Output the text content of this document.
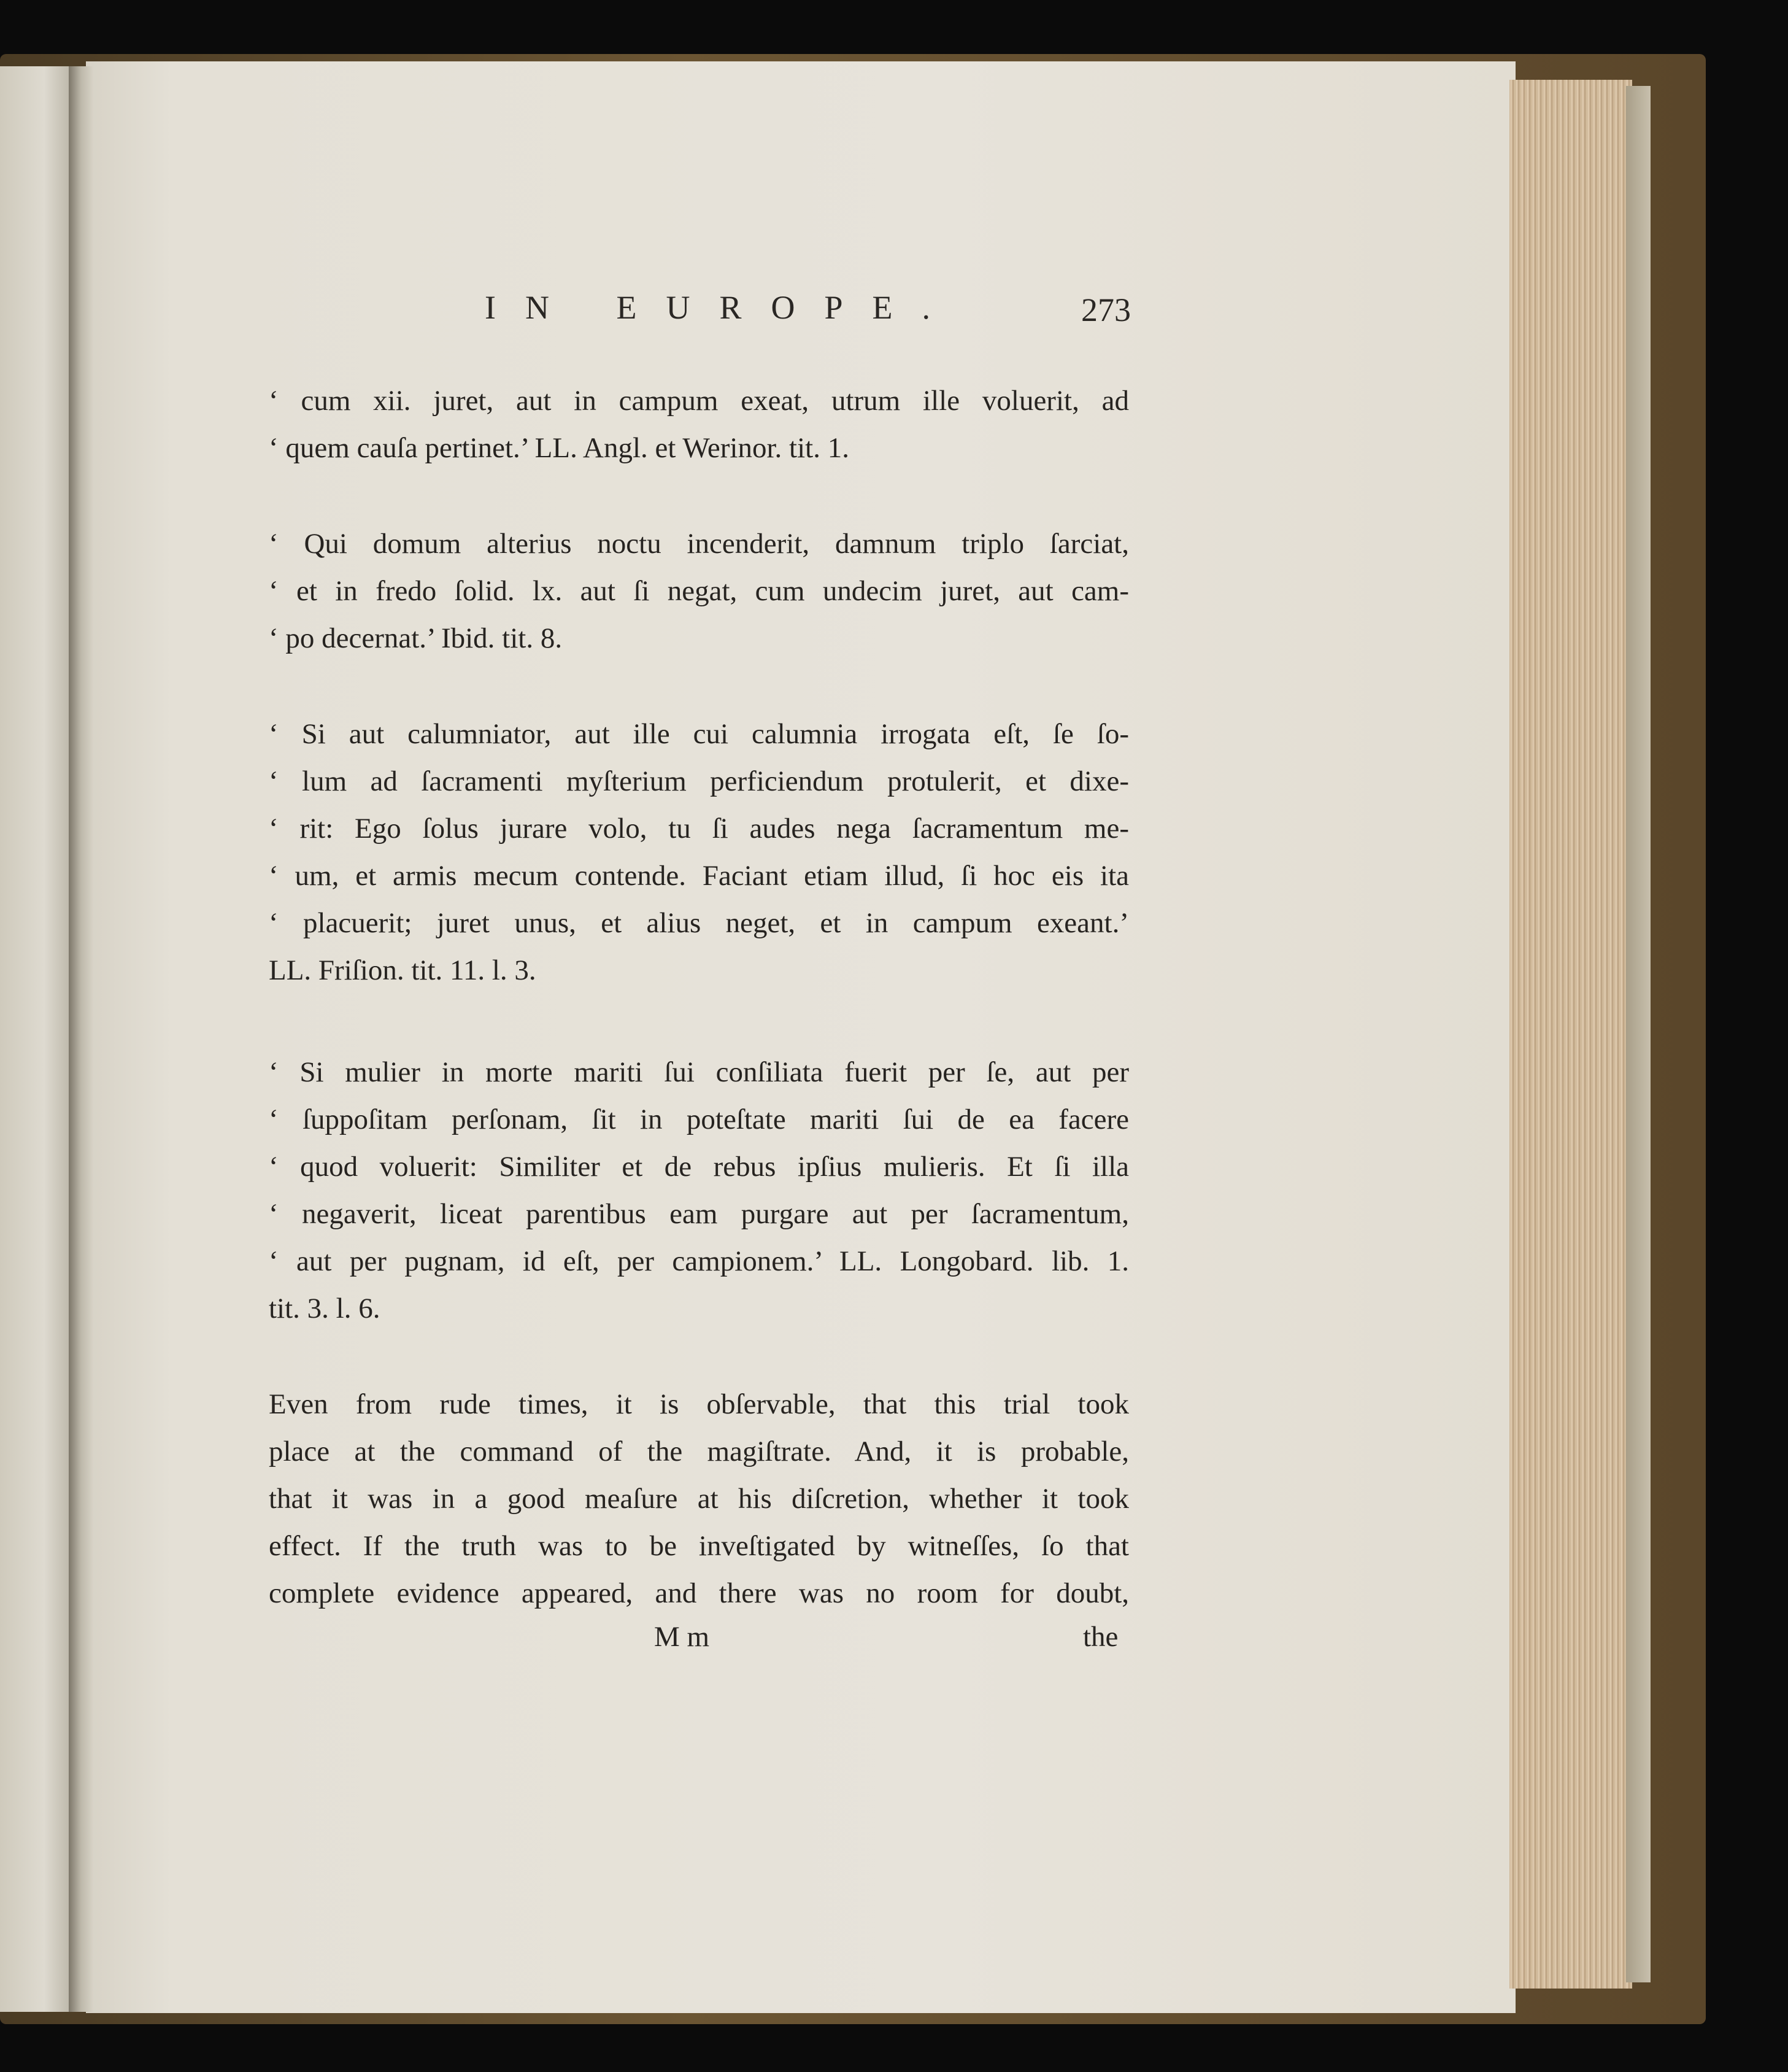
IN EUROPE.	273
‘ cum xii. juret, aut in campum exeat, utrum ille voluerit, ad
‘ quem cauſa pertinet.’ LL. Angl. et Werinor. tit. 1.
‘ Qui domum alterius noctu incenderit, damnum triplo ſarciat,
‘ et in fredo ſolid. lx. aut ſi negat, cum undecim juret, aut cam-
‘ po decernat.’ Ibid. tit. 8.
‘ Si aut calumniator, aut ille cui calumnia irrogata eſt, ſe ſo-
‘ lum ad ſacramenti myſterium perficiendum protulerit, et dixe-
‘ rit: Ego ſolus jurare volo, tu ſi audes nega ſacramentum me-
‘ um, et armis mecum contende. Faciant etiam illud, ſi hoc eis ita
‘ placuerit; juret unus, et alius neget, et in campum exeant.’
LL. Friſion. tit. 11. l. 3.
‘ Si mulier in morte mariti ſui conſiliata fuerit per ſe, aut per
‘ ſuppoſitam perſonam, ſit in poteſtate mariti ſui de ea facere
‘ quod voluerit: Similiter et de rebus ipſius mulieris. Et ſi illa
‘ negaverit, liceat parentibus eam purgare aut per ſacramentum,
‘ aut per pugnam, id eſt, per campionem.’ LL. Longobard. lib. 1.
tit. 3. l. 6.
Even from rude times, it is obſervable, that this trial took
place at the command of the magiſtrate. And, it is probable,
that it was in a good meaſure at his diſcretion, whether it took
effect. If the truth was to be inveſtigated by witneſſes, ſo that
complete evidence appeared, and there was no room for doubt,
M m	the
